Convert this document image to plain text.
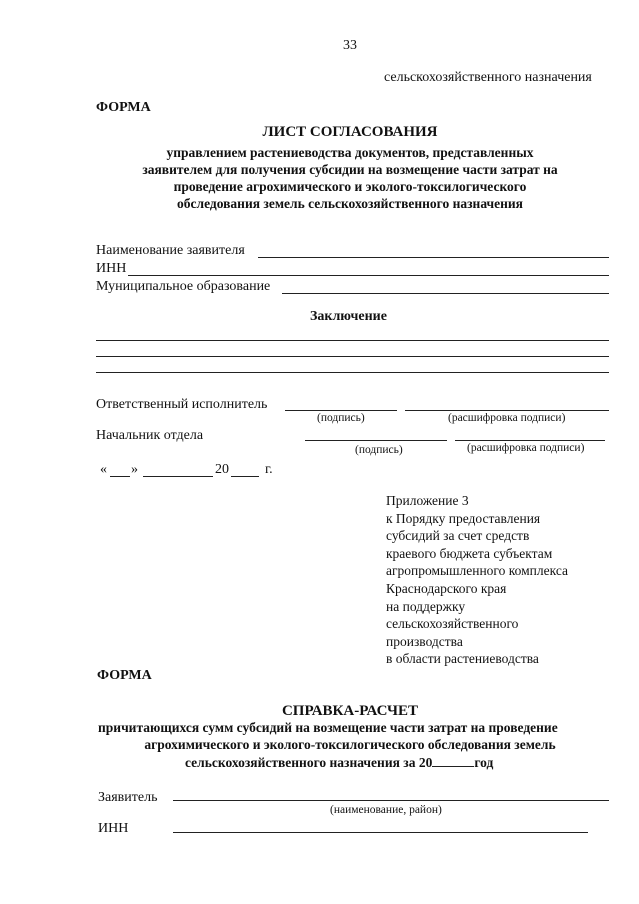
33
сельскохозяйственного назначения
ФОРМА
ЛИСТ СОГЛАСОВАНИЯ
управлением растениеводства документов, представленных
заявителем для получения субсидии на возмещение части затрат на
проведение агрохимического и эколого-токсилогического
обследования земель сельскохозяйственного назначения
Наименование заявителя
ИНН
Муниципальное образование
Заключение
Ответственный исполнитель
(подпись)	(расшифровка подписи)
Начальник отдела
(подпись)	(расшифровка подписи)
« »	20	г.
Приложение 3
к Порядку предоставления
субсидий за счет средств
краевого бюджета субъектам
агропромышленного комплекса
Краснодарского края
на поддержку
сельскохозяйственного
производства
в области растениеводства
ФОРМА
СПРАВКА-РАСЧЕТ
причитающихся сумм субсидий на возмещение части затрат на проведение
агрохимического и эколого-токсилогического обследования земель
сельскохозяйственного назначения за 20	год
Заявитель
(наименование, район)
ИНН
